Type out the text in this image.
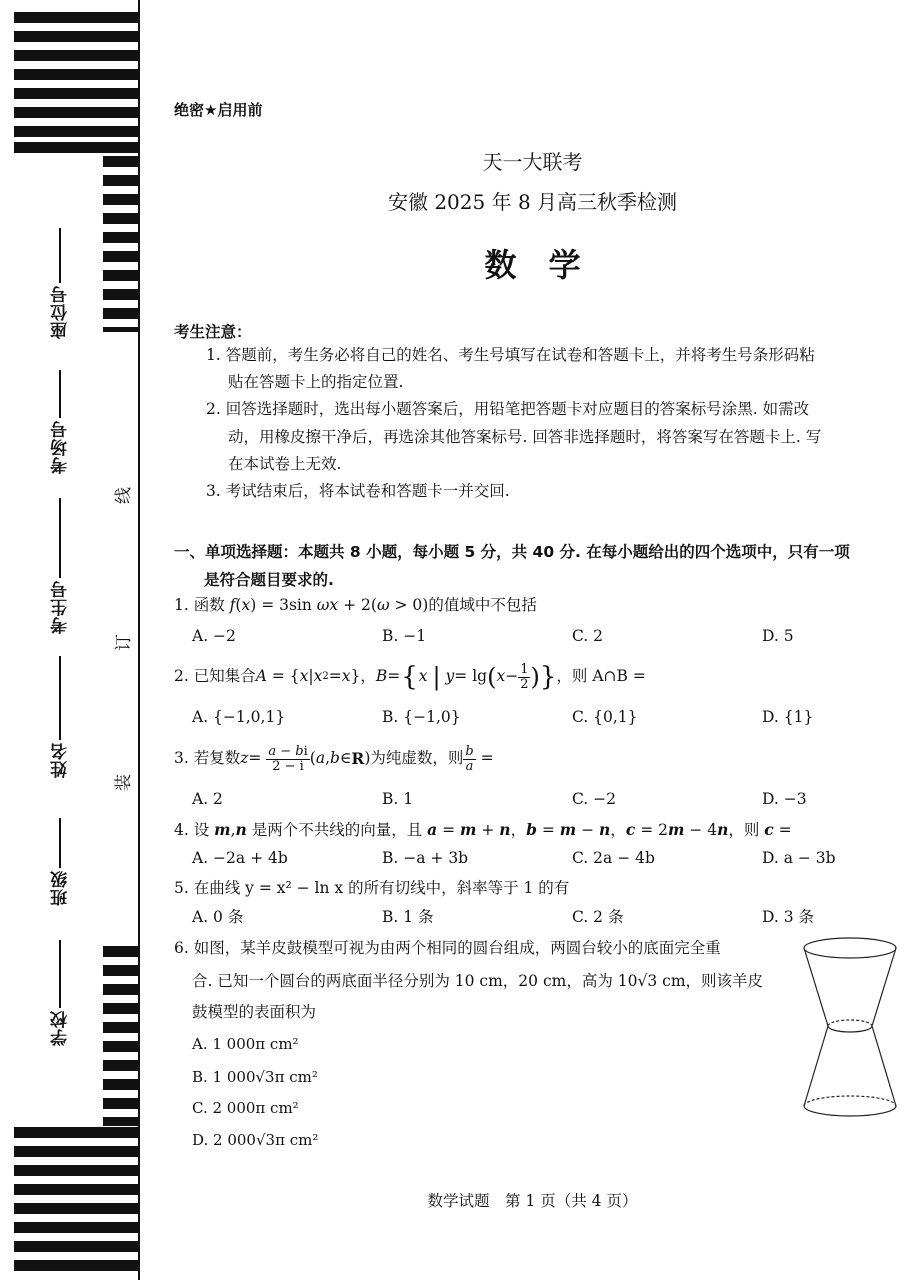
座位号
考场号
考生号
姓名
班级
学校
线
订
装
绝密★启用前
天一大联考
安徽 2025 年 8 月高三秋季检测
数　学
考生注意：
1. 答题前，考生务必将自己的姓名、考生号填写在试卷和答题卡上，并将考生号条形码粘
贴在答题卡上的指定位置.
2. 回答选择题时，选出每小题答案后，用铅笔把答题卡对应题目的答案标号涂黑. 如需改
动，用橡皮擦干净后，再选涂其他答案标号. 回答非选择题时，将答案写在答题卡上. 写
在本试卷上无效.
3. 考试结束后，将本试卷和答题卡一并交回.
一、单项选择题：本题共 8 小题，每小题 5 分，共 40 分. 在每小题给出的四个选项中，只有一项
是符合题目要求的.
1. 函数 f(x) = 3sin ωx + 2(ω > 0)的值域中不包括
A. −2	B. −1	C. 2	D. 5
2. 已知集合 A = { x | x 2 = x }， B = { x
|
y = lg ( $x - \frac{1}{2}$ ) } ，则 A∩B =
A. {−1,0,1}	B. {−1,0}	C. {0,1}	D. {1}
3. 若复数 $z = \frac{a - bi}{2 - i}$ ( a , b ∈ R ) 为纯虚数，则 $\frac{b}{a}$ =
A. 2	B. 1	C. −2	D. −3
4. 设 m,n 是两个不共线的向量，且 a = m + n，b = m − n，c = 2m − 4n，则 c =
A. −2a + 4b	B. −a + 3b	C. 2a − 4b	D. a − 3b
5. 在曲线 y = x² − ln x 的所有切线中，斜率等于 1 的有
A. 0 条	B. 1 条	C. 2 条	D. 3 条
6. 如图，某羊皮鼓模型可视为由两个相同的圆台组成，两圆台较小的底面完全重
合. 已知一个圆台的两底面半径分别为 10 cm，20 cm，高为 10√3 cm，则该羊皮
鼓模型的表面积为
A. 1 000π cm²
B. 1 000√3π cm²
C. 2 000π cm²
D. 2 000√3π cm²
数学试题　第 1 页（共 4 页）
